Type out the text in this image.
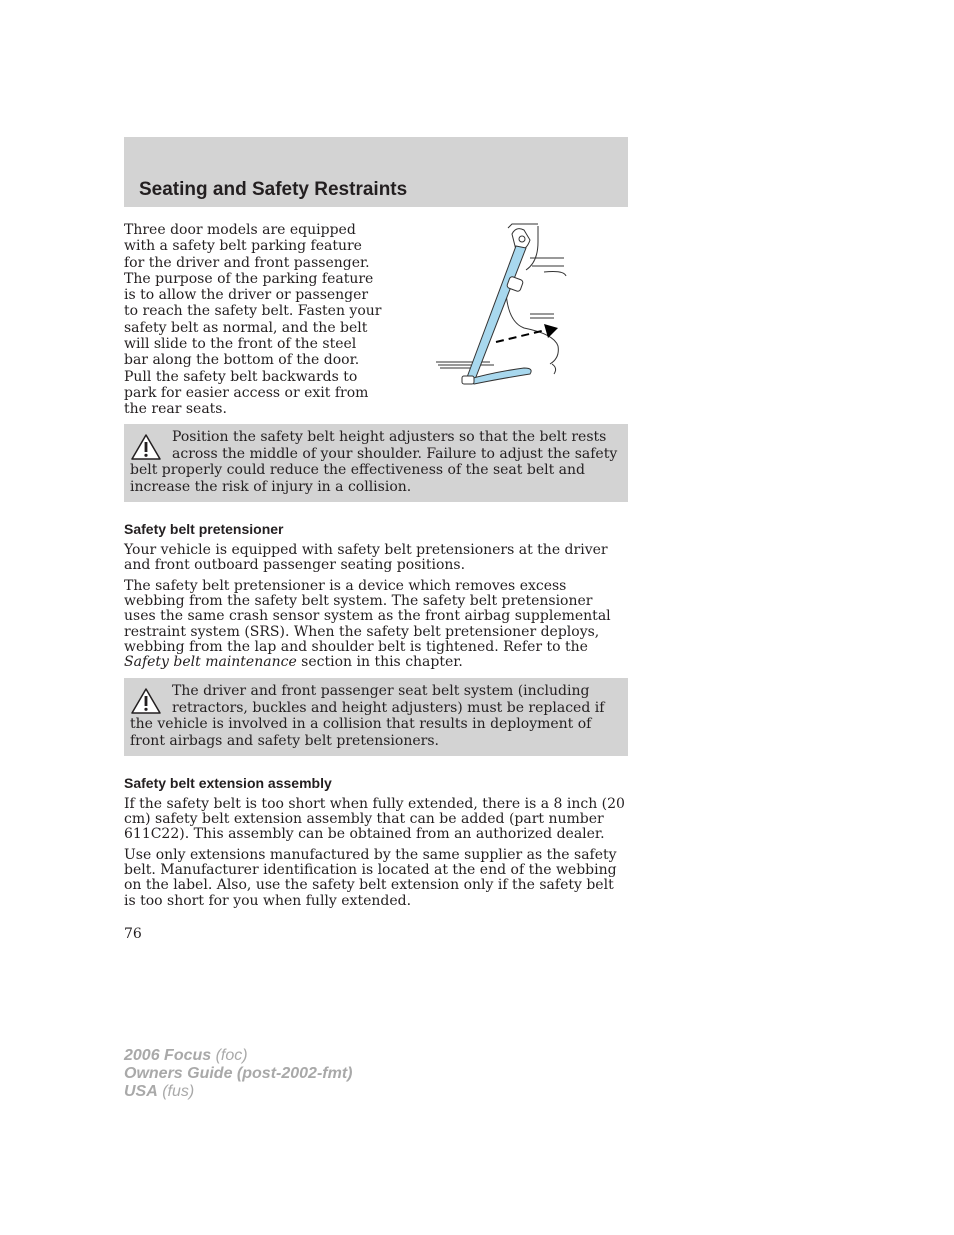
Seating and Safety Restraints

Three door models are equipped with a safety belt parking feature for the driver and front passenger. The purpose of the parking feature is to allow the driver or passenger to reach the safety belt. Fasten your safety belt as normal, and the belt will slide to the front of the steel bar along the bottom of the door. Pull the safety belt backwards to park for easier access or exit from the rear seats.

Position the safety belt height adjusters so that the belt rests across the middle of your shoulder. Failure to adjust the safety belt properly could reduce the effectiveness of the seat belt and increase the risk of injury in a collision.

Safety belt pretensioner

Your vehicle is equipped with safety belt pretensioners at the driver and front outboard passenger seating positions.

The safety belt pretensioner is a device which removes excess webbing from the safety belt system. The safety belt pretensioner uses the same crash sensor system as the front airbag supplemental restraint system (SRS). When the safety belt pretensioner deploys, webbing from the lap and shoulder belt is tightened. Refer to the Safety belt maintenance section in this chapter.

The driver and front passenger seat belt system (including retractors, buckles and height adjusters) must be replaced if the vehicle is involved in a collision that results in deployment of front airbags and safety belt pretensioners.

Safety belt extension assembly

If the safety belt is too short when fully extended, there is a 8 inch (20 cm) safety belt extension assembly that can be added (part number 611C22). This assembly can be obtained from an authorized dealer.

Use only extensions manufactured by the same supplier as the safety belt. Manufacturer identification is located at the end of the webbing on the label. Also, use the safety belt extension only if the safety belt is too short for you when fully extended.

76

2006 Focus (foc)
Owners Guide (post-2002-fmt)
USA (fus)
